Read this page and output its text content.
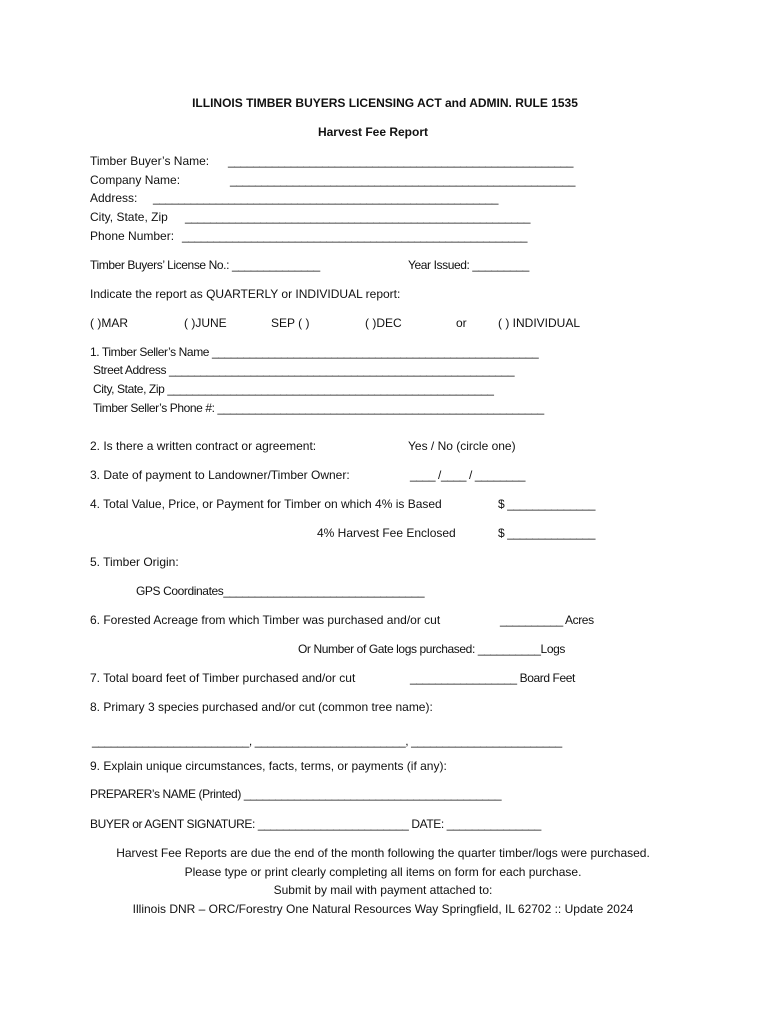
ILLINOIS TIMBER BUYERS LICENSING ACT and ADMIN. RULE 1535
Harvest Fee Report
Timber Buyer’s Name: _______________________________________________________
Company Name:	_______________________________________________________
Address: _______________________________________________________
City, State, Zip _______________________________________________________
Phone Number: _______________________________________________________
Timber Buyers’ License No.: ______________	Year Issued: _________
Indicate the report as QUARTERLY or INDIVIDUAL report:
( )MAR	( )JUNE	SEP ( )	( )DEC	or	( ) INDIVIDUAL
1. Timber Seller’s Name ____________________________________________________
Street Address _______________________________________________________
City, State, Zip ____________________________________________________
Timber Seller’s Phone #: ____________________________________________________
2. Is there a written contract or agreement:	Yes / No (circle one)
3. Date of payment to Landowner/Timber Owner:	____ /____ / ________
4. Total Value, Price, or Payment for Timber on which 4% is Based	$ ______________
4% Harvest Fee Enclosed	$ ______________
5. Timber Origin:
GPS Coordinates________________________________
6. Forested Acreage from which Timber was purchased and/or cut	__________ Acres
Or Number of Gate logs purchased: __________Logs
7. Total board feet of Timber purchased and/or cut	_________________ Board Feet
8. Primary 3 species purchased and/or cut (common tree name):
_________________________, ________________________, ________________________
9. Explain unique circumstances, facts, terms, or payments (if any):
PREPARER’s NAME (Printed) _________________________________________
BUYER or AGENT SIGNATURE: ________________________ DATE: _______________
Harvest Fee Reports are due the end of the month following the quarter timber/logs were purchased.
Please type or print clearly completing all items on form for each purchase.
Submit by mail with payment attached to:
Illinois DNR – ORC/Forestry One Natural Resources Way Springfield, IL 62702 :: Update 2024
